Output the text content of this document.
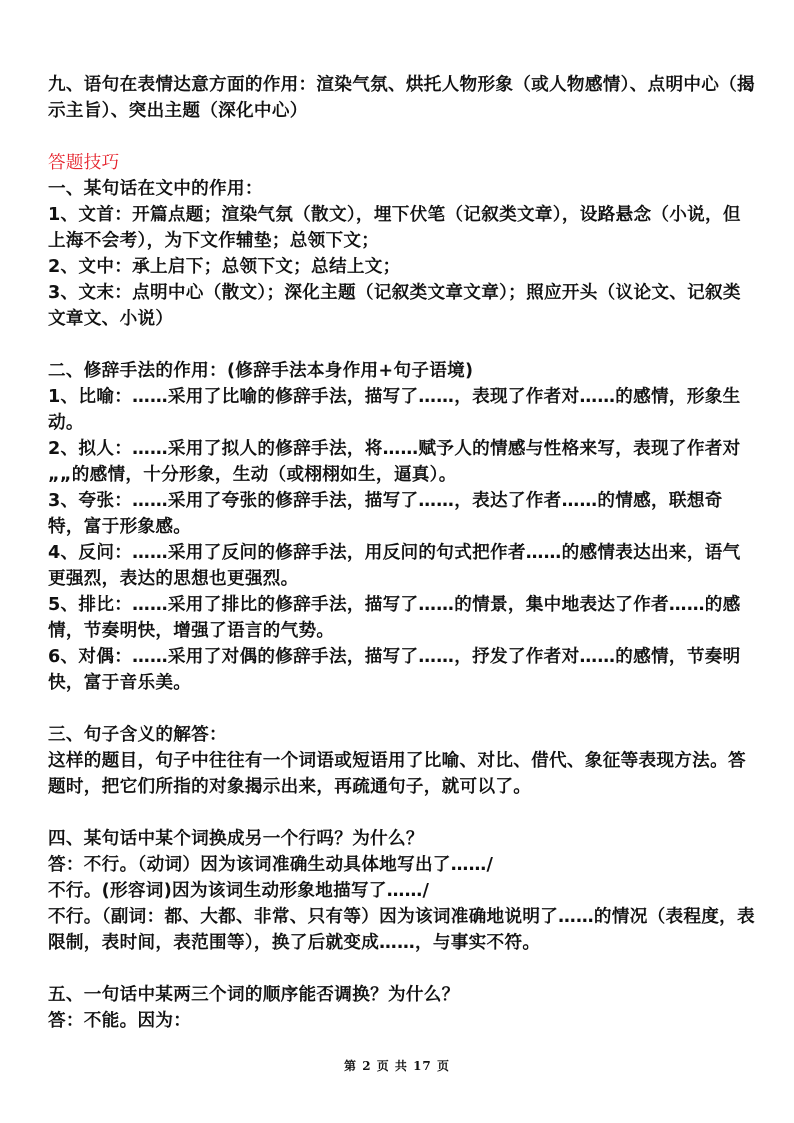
九、语句在表情达意方面的作用：渲染气氛、烘托人物形象（或人物感情）、点明中心（揭示主旨）、突出主题（深化中心）

答题技巧

一、某句话在文中的作用：

1、文首：开篇点题；渲染气氛（散文），埋下伏笔（记叙类文章），设路悬念（小说，但上海不会考），为下文作辅垫；总领下文；

2、文中：承上启下；总领下文；总结上文；

3、文末：点明中心（散文）；深化主题（记叙类文章文章）；照应开头（议论文、记叙类文章文、小说）

二、修辞手法的作用：(修辞手法本身作用+句子语境)

1、比喻：……采用了比喻的修辞手法，描写了……，表现了作者对……的感情，形象生动。

2、拟人：……采用了拟人的修辞手法，将……赋予人的情感与性格来写，表现了作者对„„的感情，十分形象，生动（或栩栩如生，逼真）。

3、夸张：……采用了夸张的修辞手法，描写了……，表达了作者……的情感，联想奇特，富于形象感。

4、反问：……采用了反问的修辞手法，用反问的句式把作者……的感情表达出来，语气更强烈，表达的思想也更强烈。

5、排比：……采用了排比的修辞手法，描写了……的情景，集中地表达了作者……的感情，节奏明快，增强了语言的气势。

6、对偶：……采用了对偶的修辞手法，描写了……，抒发了作者对……的感情，节奏明快，富于音乐美。

三、句子含义的解答：

这样的题目，句子中往往有一个词语或短语用了比喻、对比、借代、象征等表现方法。答题时，把它们所指的对象揭示出来，再疏通句子，就可以了。

四、某句话中某个词换成另一个行吗？为什么？

答：不行。（动词）因为该词准确生动具体地写出了……/

不行。(形容词)因为该词生动形象地描写了……/

不行。（副词：都、大都、非常、只有等）因为该词准确地说明了……的情况（表程度，表限制，表时间，表范围等），换了后就变成……，与事实不符。

五、一句话中某两三个词的顺序能否调换？为什么？

答：不能。因为：

第 2 页 共 17 页
